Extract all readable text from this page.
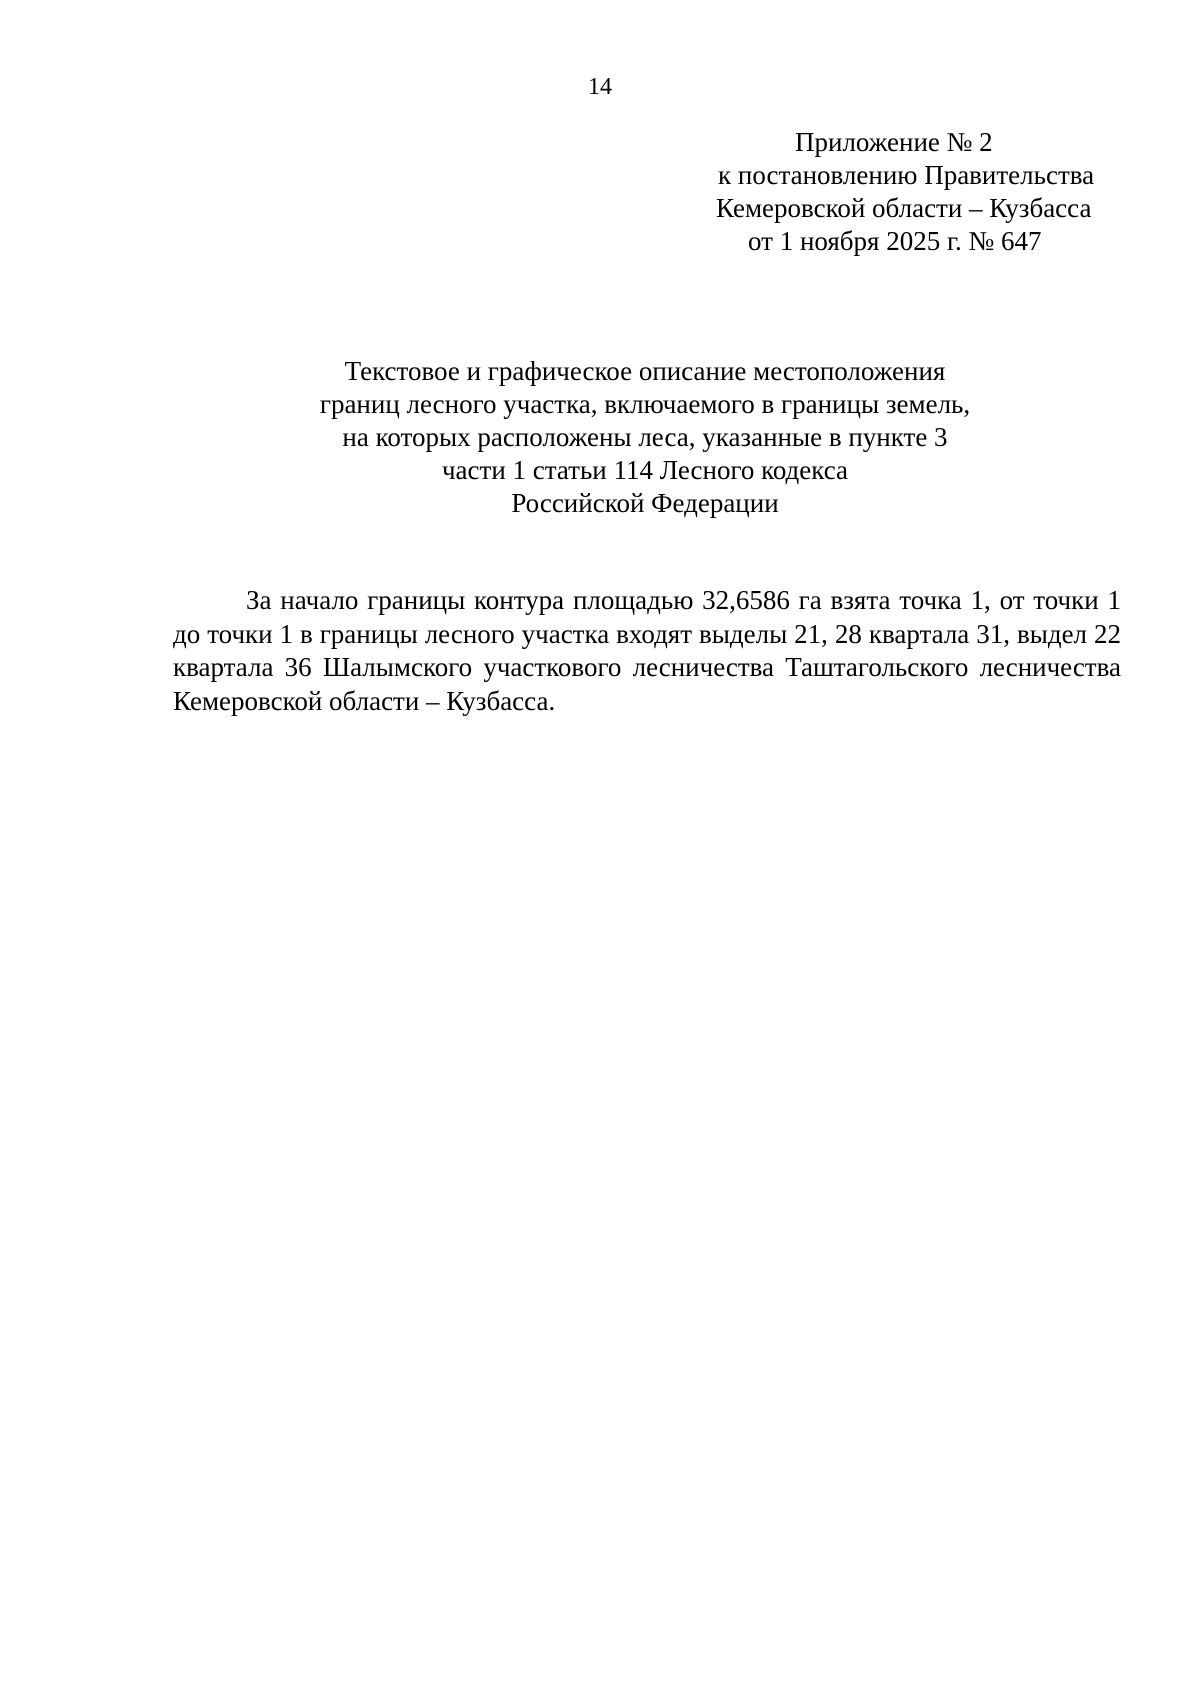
14
Приложение № 2
к постановлению Правительства
Кемеровской области – Кузбасса
от 1 ноября 2025 г. № 647
Текстовое и графическое описание местоположения
границ лесного участка, включаемого в границы земель,
на которых расположены леса, указанные в пункте 3
части 1 статьи 114 Лесного кодекса
Российской Федерации

За начало границы контура площадью 32,6586 га взята точка 1, от точки 1 до точки 1 в границы лесного участка входят выделы 21, 28 квартала 31, выдел 22 квартала 36 Шалымского участкового лесничества Таштагольского лесничества Кемеровской области – Кузбасса.
